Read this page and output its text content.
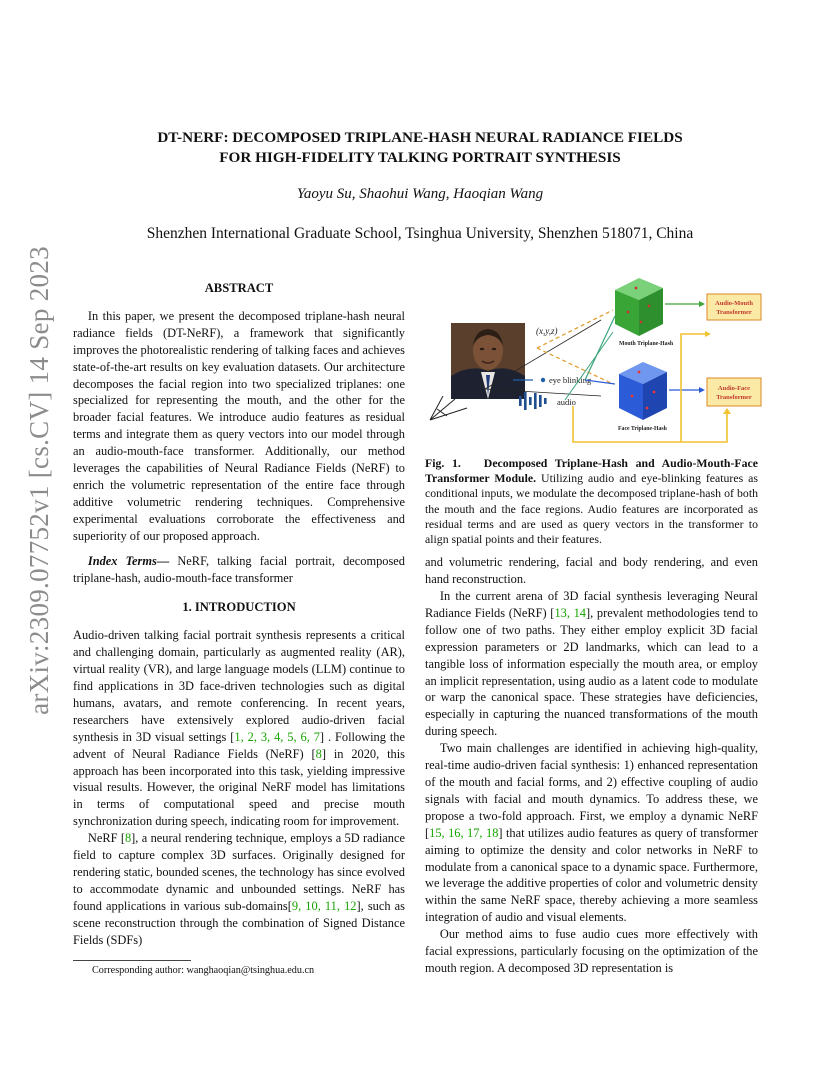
arXiv:2309.07752v1 [cs.CV] 14 Sep 2023
DT-NERF: DECOMPOSED TRIPLANE-HASH NEURAL RADIANCE FIELDS
FOR HIGH-FIDELITY TALKING PORTRAIT SYNTHESIS
Yaoyu Su, Shaohui Wang, Haoqian Wang
Shenzhen International Graduate School, Tsinghua University, Shenzhen 518071, China
ABSTRACT

In this paper, we present the decomposed triplane-hash neural radiance fields (DT-NeRF), a framework that significantly improves the photorealistic rendering of talking faces and achieves state-of-the-art results on key evaluation datasets. Our architecture decomposes the facial region into two specialized triplanes: one specialized for representing the mouth, and the other for the broader facial features. We introduce audio features as residual terms and integrate them as query vectors into our model through an audio-mouth-face transformer. Additionally, our method leverages the capabilities of Neural Radiance Fields (NeRF) to enrich the volumetric representation of the entire face through additive volumetric rendering techniques. Comprehensive experimental evaluations corroborate the effectiveness and superiority of our proposed approach.

Index Terms— NeRF, talking facial portrait, decomposed triplane-hash, audio-mouth-face transformer

1. INTRODUCTION

Audio-driven talking facial portrait synthesis represents a critical and challenging domain, particularly as augmented reality (AR), virtual reality (VR), and large language models (LLM) continue to find applications in 3D face-driven technologies such as digital humans, avatars, and remote conferencing. In recent years, researchers have extensively explored audio-driven facial synthesis in 3D visual settings [1, 2, 3, 4, 5, 6, 7] . Following the advent of Neural Radiance Fields (NeRF) [8] in 2020, this approach has been incorporated into this task, yielding impressive visual results. However, the original NeRF model has limitations in terms of computational speed and precise mouth synchronization during speech, indicating room for improvement.

NeRF [8], a neural rendering technique, employs a 5D radiance field to capture complex 3D surfaces. Originally designed for rendering static, bounded scenes, the technology has since evolved to accommodate dynamic and unbounded settings. NeRF has found applications in various sub-domains[9, 10, 11, 12], such as scene reconstruction through the combination of Signed Distance Fields (SDFs)

Corresponding author: wanghaoqian@tsinghua.edu.cn
(x,y,z)
eye blinking
audio
Mouth Triplane-Hash
Face Triplane-Hash
Audio-Mouth
Transformer
Audio-Face
Transformer

Fig. 1.   Decomposed Triplane-Hash and Audio-Mouth-Face Transformer Module. Utilizing audio and eye-blinking features as conditional inputs, we modulate the decomposed triplane-hash of both the mouth and the face regions. Audio features are incorporated as residual terms and are used as query vectors in the transformer to align spatial points and their features.

and volumetric rendering, facial and body rendering, and even hand reconstruction.

In the current arena of 3D facial synthesis leveraging Neural Radiance Fields (NeRF) [13, 14], prevalent methodologies tend to follow one of two paths. They either employ explicit 3D facial expression parameters or 2D landmarks, which can lead to a tangible loss of information especially the mouth area, or employ an implicit representation, using audio as a latent code to modulate or warp the canonical space. These strategies have deficiencies, especially in capturing the nuanced transformations of the mouth during speech.

Two main challenges are identified in achieving high-quality, real-time audio-driven facial synthesis: 1) enhanced representation of the mouth and facial forms, and 2) effective coupling of audio signals with facial and mouth dynamics. To address these, we propose a two-fold approach. First, we employ a dynamic NeRF [15, 16, 17, 18] that utilizes audio features as query of transformer aiming to optimize the density and color networks in NeRF to modulate from a canonical space to a dynamic space. Furthermore, we leverage the additive properties of color and volumetric density within the same NeRF space, thereby achieving a more seamless integration of audio and visual elements.

Our method aims to fuse audio cues more effectively with facial expressions, particularly focusing on the optimization of the mouth region. A decomposed 3D representation is
